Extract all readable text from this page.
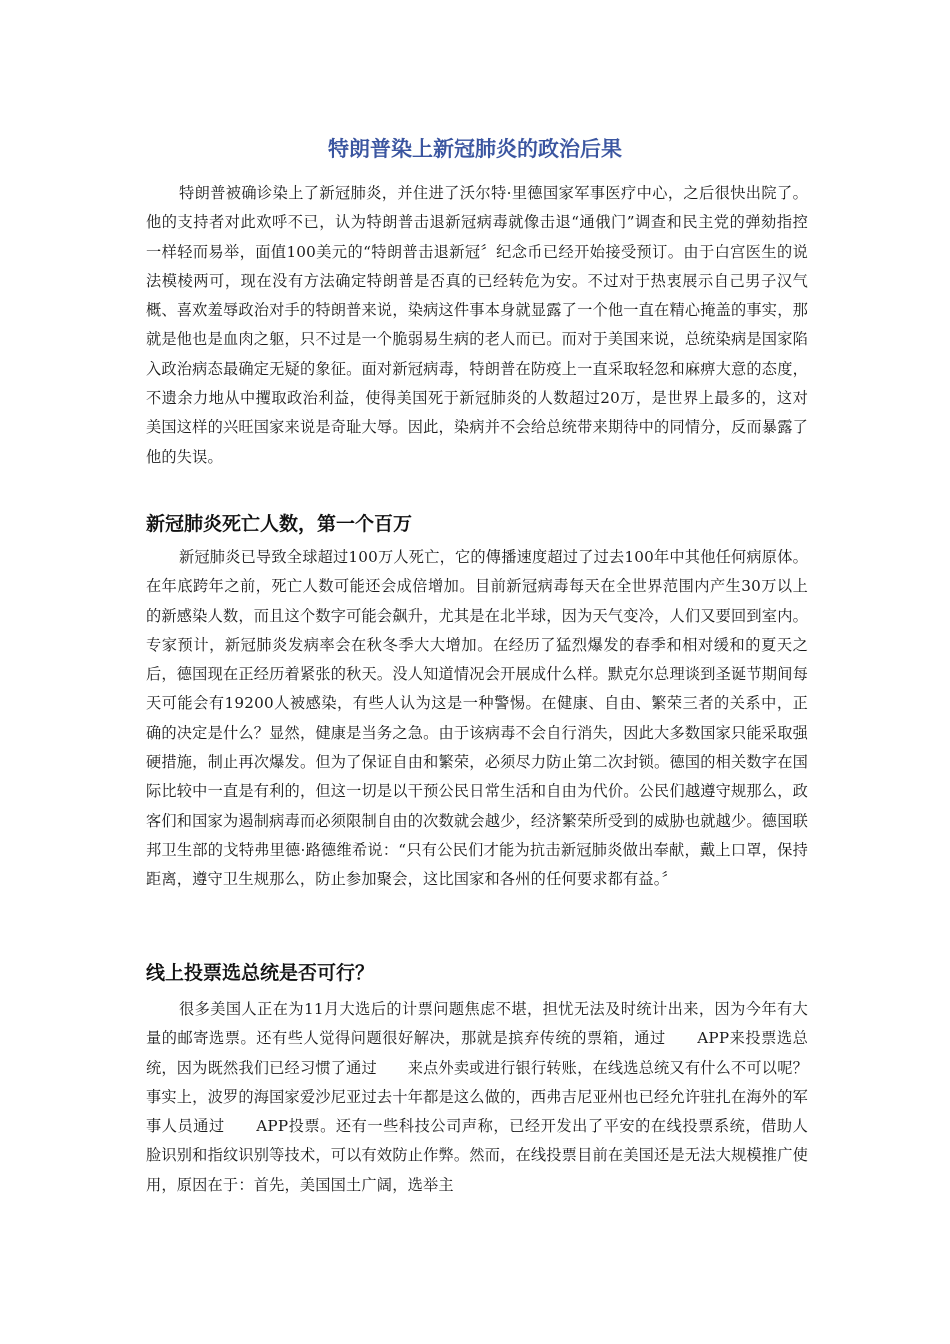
特朗普染上新冠肺炎的政治后果

特朗普被确诊染上了新冠肺炎，并住进了沃尔特·里德国家军事医疗中心，之后很快出院了。他的支持者对此欢呼不已，认为特朗普击退新冠病毒就像击退“通俄门”调查和民主党的弹劾指控一样轻而易举，面值100美元的“特朗普击退新冠〞纪念币已经开始接受预订。由于白宫医生的说法模棱两可，现在没有方法确定特朗普是否真的已经转危为安。不过对于热衷展示自己男子汉气概、喜欢羞辱政治对手的特朗普来说，染病这件事本身就显露了一个他一直在精心掩盖的事实，那就是他也是血肉之躯，只不过是一个脆弱易生病的老人而已。而对于美国来说，总统染病是国家陷入政治病态最确定无疑的象征。面对新冠病毒，特朗普在防疫上一直采取轻忽和麻痹大意的态度，不遗余力地从中攫取政治利益，使得美国死于新冠肺炎的人数超过20万，是世界上最多的，这对美国这样的兴旺国家来说是奇耻大辱。因此，染病并不会给总统带来期待中的同情分，反而暴露了他的失误。

新冠肺炎死亡人数，第一个百万

新冠肺炎已导致全球超过100万人死亡，它的傳播速度超过了过去100年中其他任何病原体。在年底跨年之前，死亡人数可能还会成倍增加。目前新冠病毒每天在全世界范围内产生30万以上的新感染人数，而且这个数字可能会飙升，尤其是在北半球，因为天气变冷，人们又要回到室内。专家预计，新冠肺炎发病率会在秋冬季大大增加。在经历了猛烈爆发的春季和相对缓和的夏天之后，德国现在正经历着紧张的秋天。没人知道情况会开展成什么样。默克尔总理谈到圣诞节期间每天可能会有19200人被感染，有些人认为这是一种警惕。在健康、自由、繁荣三者的关系中，正确的决定是什么？显然，健康是当务之急。由于该病毒不会自行消失，因此大多数国家只能采取强硬措施，制止再次爆发。但为了保证自由和繁荣，必须尽力防止第二次封锁。德国的相关数字在国际比较中一直是有利的，但这一切是以干预公民日常生活和自由为代价。公民们越遵守规那么，政客们和国家为遏制病毒而必须限制自由的次数就会越少，经济繁荣所受到的威胁也就越少。德国联邦卫生部的戈特弗里德·路德维希说：“只有公民们才能为抗击新冠肺炎做出奉献，戴上口罩，保持距离，遵守卫生规那么，防止参加聚会，这比国家和各州的任何要求都有益。〞

线上投票选总统是否可行？

很多美国人正在为11月大选后的计票问题焦虑不堪，担忧无法及时统计出来，因为今年有大量的邮寄选票。还有些人觉得问题很好解决，那就是摈弃传统的票箱，通过　　APP来投票选总统，因为既然我们已经习惯了通过　　来点外卖或进行银行转账，在线选总统又有什么不可以呢？事实上，波罗的海国家爱沙尼亚过去十年都是这么做的，西弗吉尼亚州也已经允许驻扎在海外的军事人员通过　　APP投票。还有一些科技公司声称，已经开发出了平安的在线投票系统，借助人脸识别和指纹识别等技术，可以有效防止作弊。然而，在线投票目前在美国还是无法大规模推广使用，原因在于：首先，美国国土广阔，选举主
